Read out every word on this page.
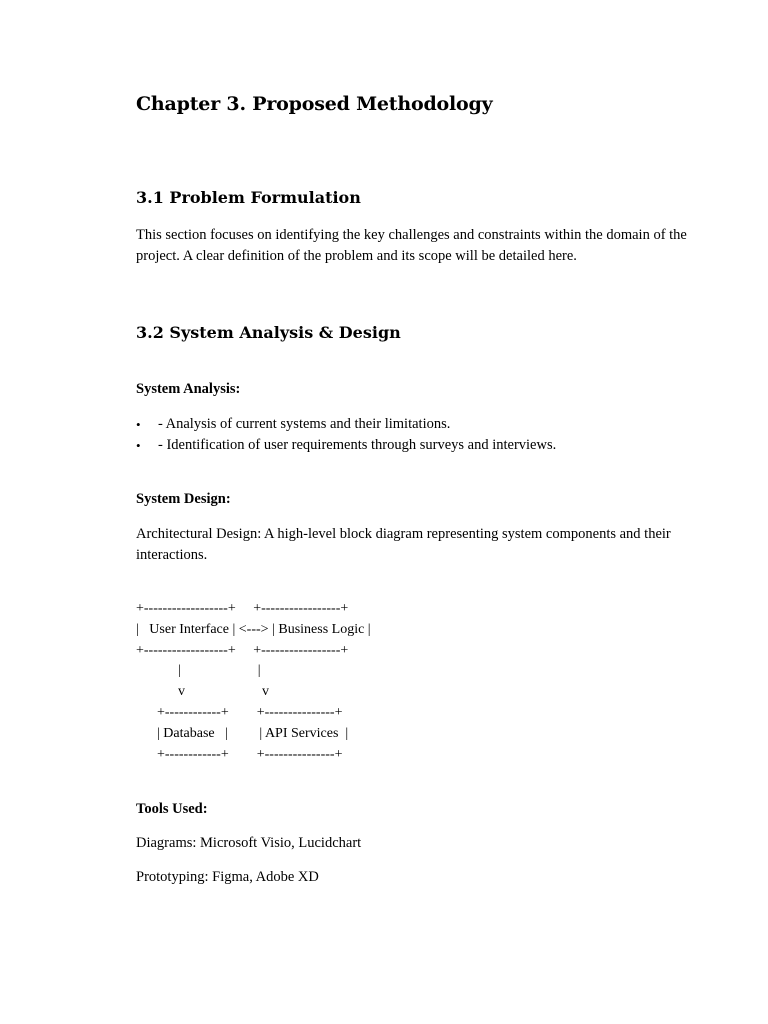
Chapter 3. Proposed Methodology
3.1 Problem Formulation

This section focuses on identifying the key challenges and constraints within the domain of the project. A clear definition of the problem and its scope will be detailed here.

3.2 System Analysis & Design

System Analysis:

• - Analysis of current systems and their limitations.
• - Identification of user requirements through surveys and interviews.

System Design:

Architectural Design: A high-level block diagram representing system components and their interactions.

+------------------+     +-----------------+
|   User Interface | <---> | Business Logic |
+------------------+     +-----------------+
|                      |
v                      v
+------------+        +---------------+
| Database   |         | API Services  |
+------------+        +---------------+

Tools Used:

Diagrams: Microsoft Visio, Lucidchart

Prototyping: Figma, Adobe XD
